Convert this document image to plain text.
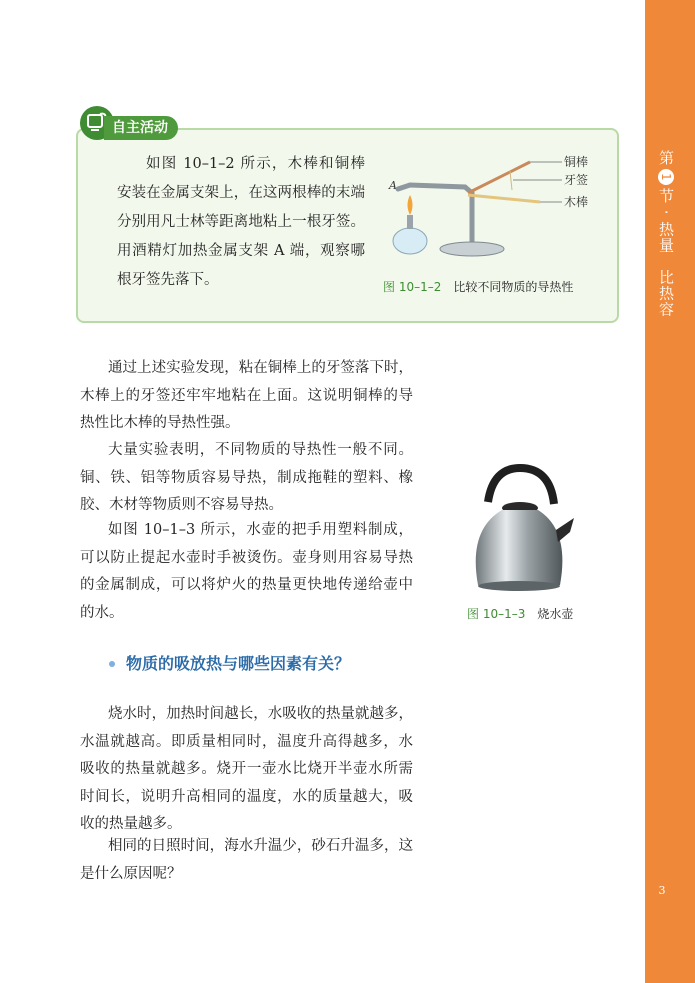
第1节 · 热量　比热容
3
自主活动

如图 10–1–2 所示，木棒和铜棒安装在金属支架上，在这两根棒的末端分别用凡士林等距离地粘上一根牙签。用酒精灯加热金属支架 A 端，观察哪根牙签先落下。

A
铜棒
牙签
木棒
图 10–1–2 比较不同物质的导热性

通过上述实验发现，粘在铜棒上的牙签落下时，木棒上的牙签还牢牢地粘在上面。这说明铜棒的导热性比木棒的导热性强。

大量实验表明，不同物质的导热性一般不同。铜、铁、铝等物质容易导热，制成拖鞋的塑料、橡胶、木材等物质则不容易导热。

如图 10–1–3 所示，水壶的把手用塑料制成，可以防止提起水壶时手被烫伤。壶身则用容易导热的金属制成，可以将炉火的热量更快地传递给壶中的水。	图 10–1–3 烧水壶
物质的吸放热与哪些因素有关？

烧水时，加热时间越长，水吸收的热量就越多，水温就越高。即质量相同时，温度升高得越多，水吸收的热量就越多。烧开一壶水比烧开半壶水所需时间长，说明升高相同的温度，水的质量越大，吸收的热量越多。

相同的日照时间，海水升温少，砂石升温多，这是什么原因呢？
